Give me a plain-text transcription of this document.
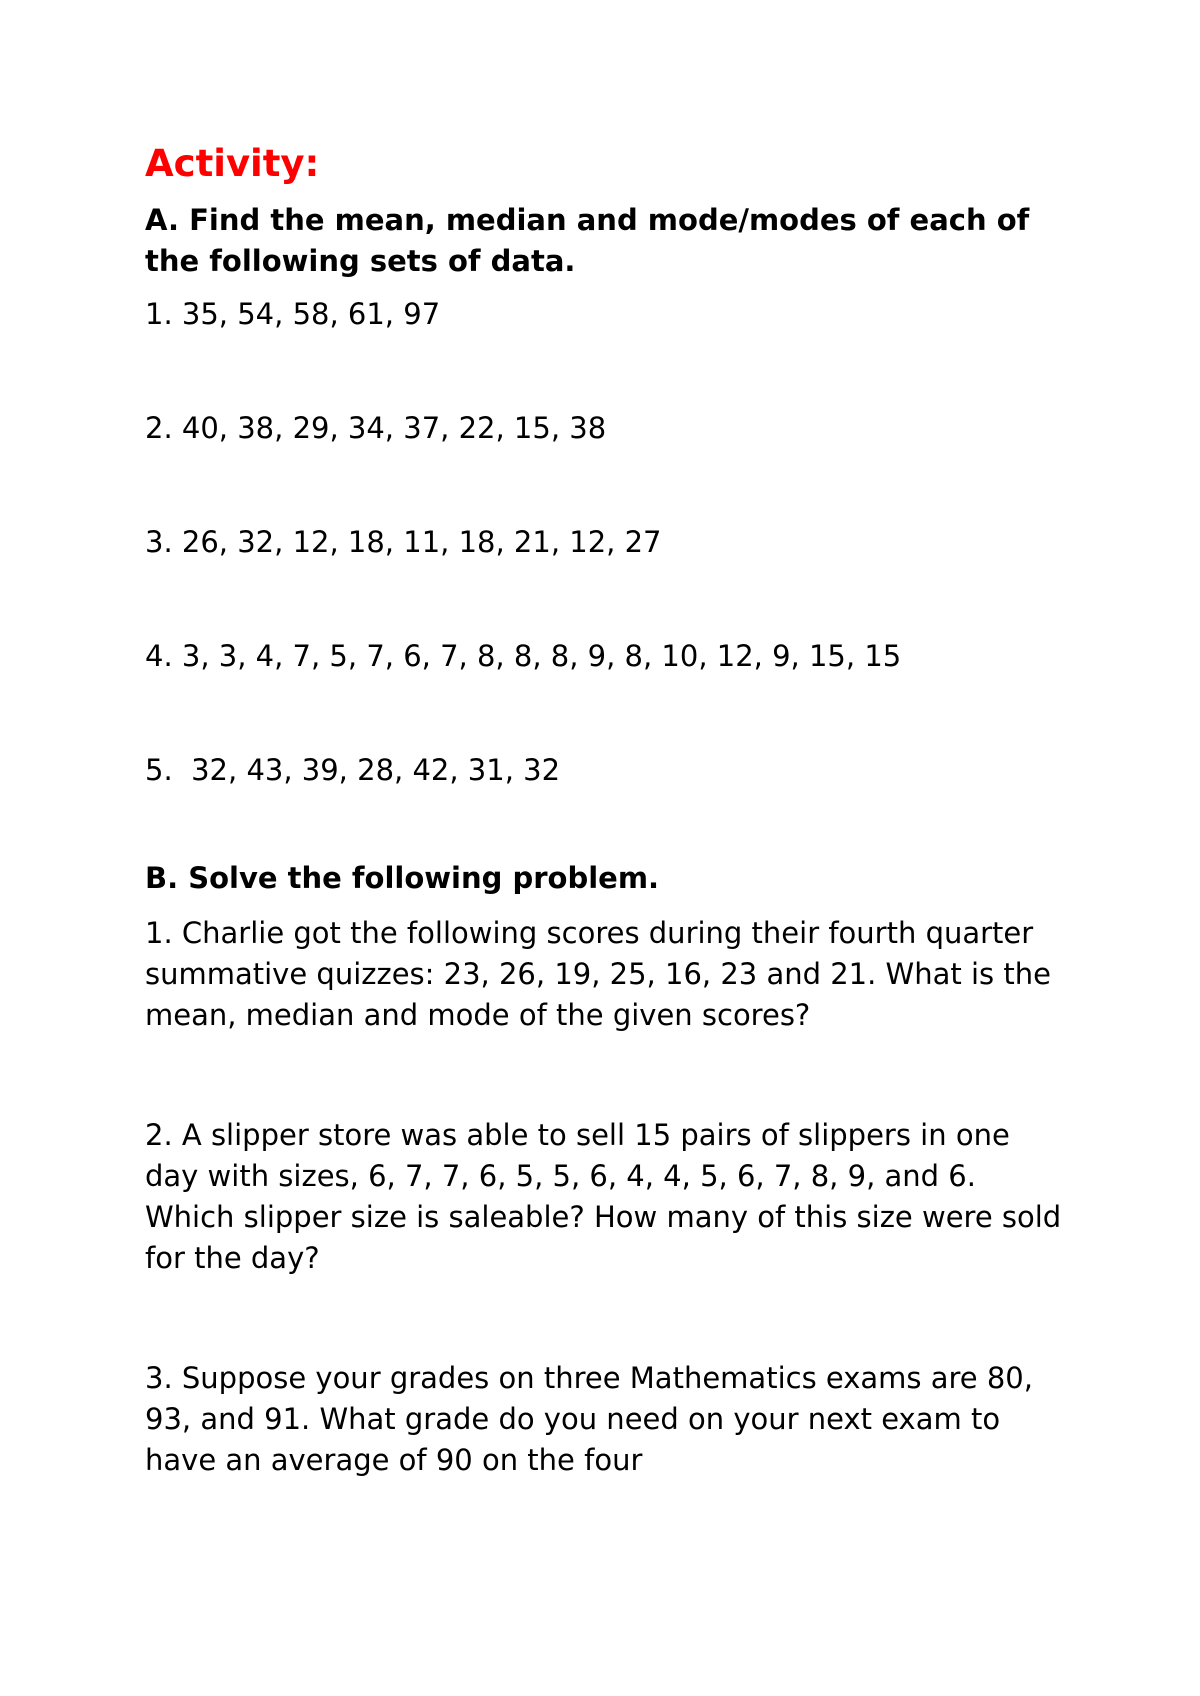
Activity:
A. Find the mean, median and mode/modes of each of the following sets of data.
1. 35, 54, 58, 61, 97
2. 40, 38, 29, 34, 37, 22, 15, 38
3. 26, 32, 12, 18, 11, 18, 21, 12, 27
4. 3, 3, 4, 7, 5, 7, 6, 7, 8, 8, 8, 9, 8, 10, 12, 9, 15, 15
5.  32, 43, 39, 28, 42, 31, 32
B. Solve the following problem.
1. Charlie got the following scores during their fourth quarter summative quizzes: 23, 26, 19, 25, 16, 23 and 21. What is the mean, median and mode of the given scores?
2. A slipper store was able to sell 15 pairs of slippers in one day with sizes, 6, 7, 7, 6, 5, 5, 6, 4, 4, 5, 6, 7, 8, 9, and 6. Which slipper size is saleable? How many of this size were sold for the day?
3. Suppose your grades on three Mathematics exams are 80, 93, and 91. What grade do you need on your next exam to have an average of 90 on the four
